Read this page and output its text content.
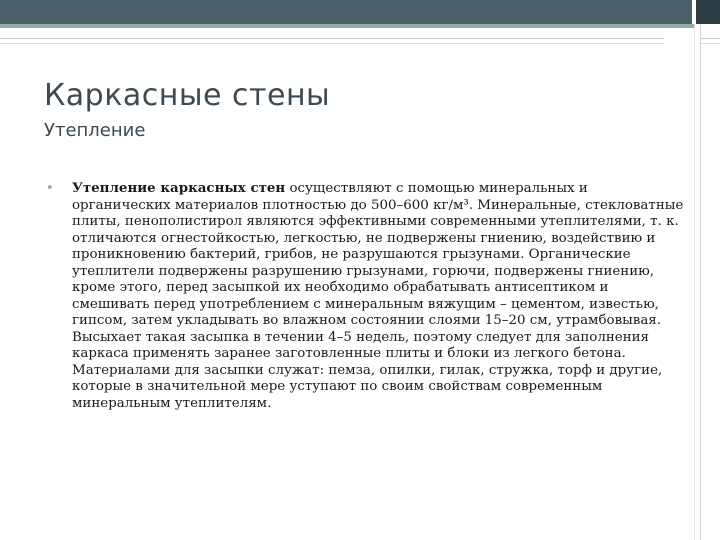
Каркасные стены
Утепление
• Утепление каркасных стен осуществляют с помощью минеральных и органических материалов плотностью до 500–600 кг/м³. Минеральные, стекловатные плиты, пенополистирол являются эффективными современными утеплителями, т. к. отличаются огнестойкостью, легкостью, не подвержены гниению, воздействию и проникновению бактерий, грибов, не разрушаются грызунами. Органические утеплители подвержены разрушению грызунами, горючи, подвержены гниению, кроме этого, перед засыпкой их необходимо обрабатывать антисептиком и смешивать перед употреблением с минеральным вяжущим – цементом, известью, гипсом, затем укладывать во влажном состоянии слоями 15–20 см, утрамбовывая. Высыхает такая засыпка в течении 4–5 недель, поэтому следует для заполнения каркаса применять заранее заготовленные плиты и блоки из легкого бетона. Материалами для засыпки служат: пемза, опилки, гилак, стружка, торф и другие, которые в значительной мере уступают по своим свойствам современным минеральным утеплителям.
